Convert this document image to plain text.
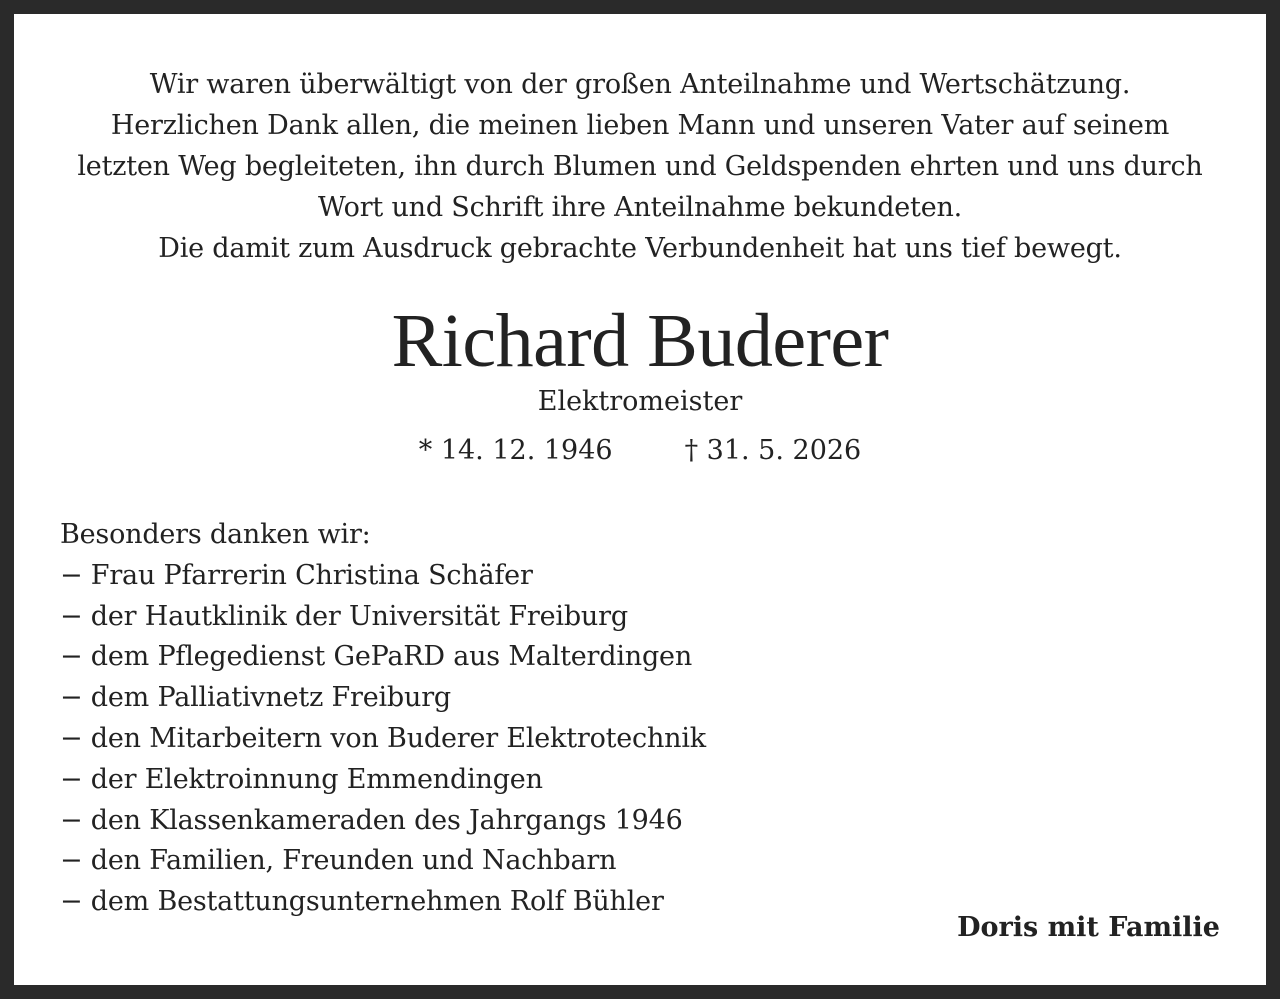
Wir waren überwältigt von der großen Anteilnahme und Wertschätzung.
Herzlichen Dank allen, die meinen lieben Mann und unseren Vater auf seinem
letzten Weg begleiteten, ihn durch Blumen und Geldspenden ehrten und uns durch
Wort und Schrift ihre Anteilnahme bekundeten.
Die damit zum Ausdruck gebrachte Verbundenheit hat uns tief bewegt.
Richard Buderer
Elektromeister
* 14. 12. 1946	† 31. 5. 2026
Besonders danken wir:
− Frau Pfarrerin Christina Schäfer
− der Hautklinik der Universität Freiburg
− dem Pflegedienst GePaRD aus Malterdingen
− dem Palliativnetz Freiburg
− den Mitarbeitern von Buderer Elektrotechnik
− der Elektroinnung Emmendingen
− den Klassenkameraden des Jahrgangs 1946
− den Familien, Freunden und Nachbarn
− dem Bestattungsunternehmen Rolf Bühler
Doris mit Familie
